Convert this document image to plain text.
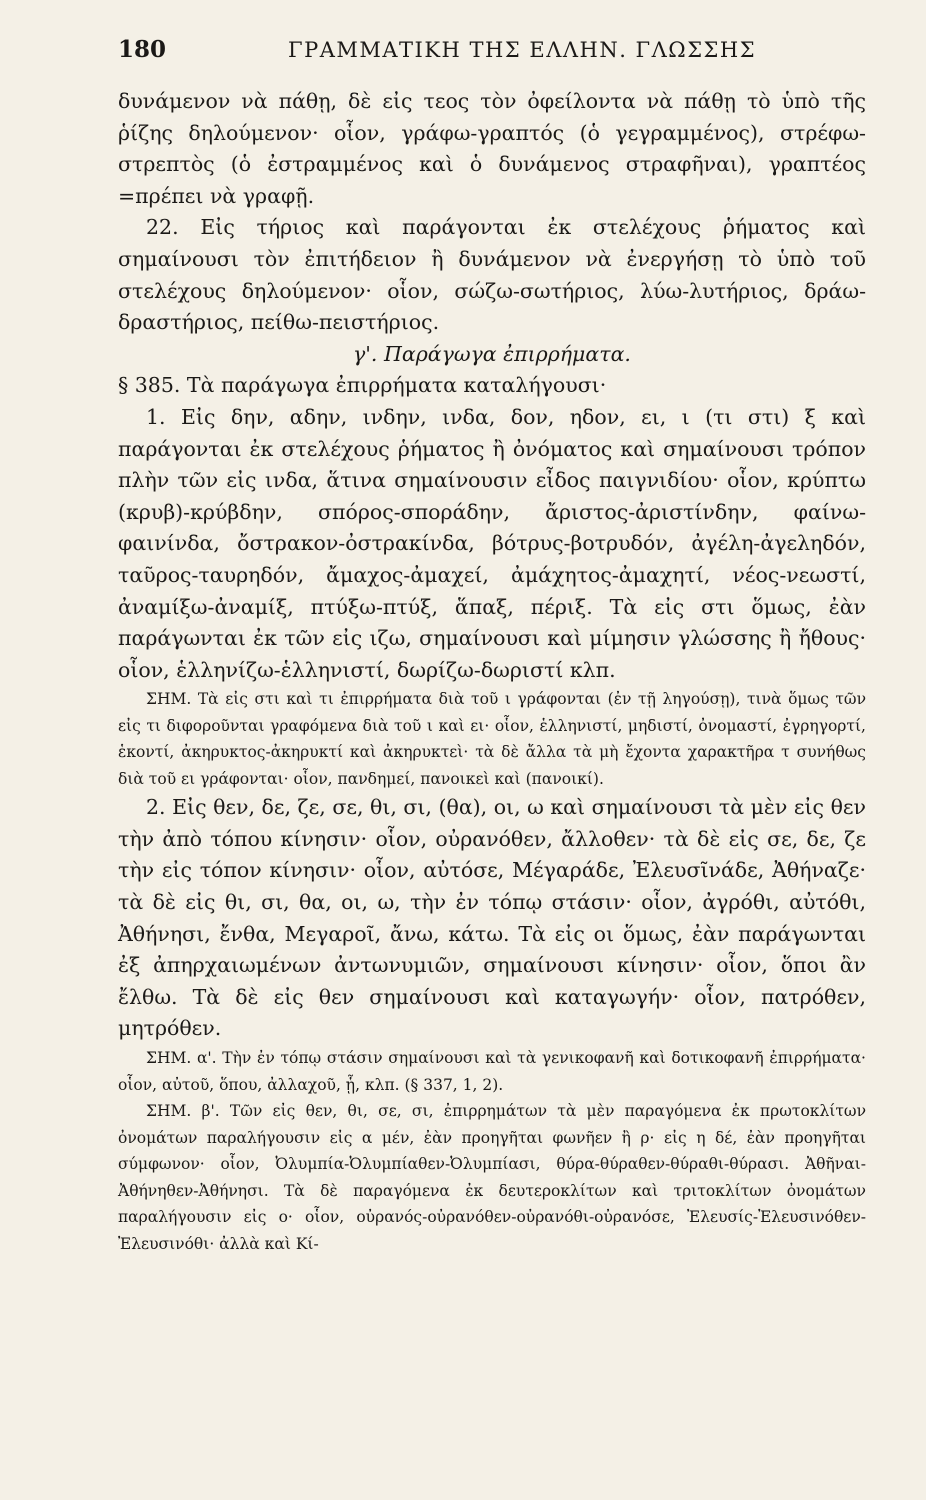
180	ΓΡΑΜΜΑΤΙΚΗ ΤΗΣ ΕΛΛΗΝ. ΓΛΩΣΣΗΣ

δυνάμενον νὰ πάθῃ, δὲ εἰς τεος τὸν ὀφείλοντα νὰ πάθῃ τὸ ὑπὸ τῆς ῥίζης δηλούμενον· οἷον, γράφω-γραπτός (ὁ γεγραμμένος), στρέφω-στρεπτὸς (ὁ ἐστραμμένος καὶ ὁ δυνάμενος στραφῆναι), γραπτέος =πρέπει νὰ γραφῇ.

22. Εἰς τήριος καὶ παράγονται ἐκ στελέχους ῥήματος καὶ σημαίνουσι τὸν ἐπιτήδειον ἢ δυνάμενον νὰ ἐνεργήσῃ τὸ ὑπὸ τοῦ στελέχους δηλούμενον· οἷον, σώζω-σωτήριος, λύω-λυτήριος, δράω-δραστήριος, πείθω-πειστήριος.

γ'. Παράγωγα ἐπιρρήματα.

§ 385. Τὰ παράγωγα ἐπιρρήματα καταλήγουσι·

1. Εἰς δην, αδην, ινδην, ινδα, δον, ηδον, ει, ι (τι στι) ξ καὶ παράγονται ἐκ στελέχους ῥήματος ἢ ὀνόματος καὶ σημαίνουσι τρόπον πλὴν τῶν εἰς ινδα, ἅτινα σημαίνουσιν εἶδος παιγνιδίου· οἷον, κρύπτω (κρυβ)-κρύβδην, σπόρος-σποράδην, ἄριστος-ἀριστίνδην, φαίνω-φαινίνδα, ὄστρακον-ὀστρακίνδα, βότρυς-βοτρυδόν, ἀγέλη-ἀγεληδόν, ταῦρος-ταυρηδόν, ἄμαχος-ἀμαχεί, ἀμάχητος-ἀμαχητί, νέος-νεωστί, ἀναμίξω-ἀναμίξ, πτύξω-πτύξ, ἅπαξ, πέριξ. Τὰ εἰς στι ὅμως, ἐὰν παράγωνται ἐκ τῶν εἰς ιζω, σημαίνουσι καὶ μίμησιν γλώσσης ἢ ἤθους· οἷον, ἑλληνίζω-ἑλληνιστί, δωρίζω-δωριστί κλπ.

ΣΗΜ. Τὰ εἰς στι καὶ τι ἐπιρρήματα διὰ τοῦ ι γράφονται (ἐν τῇ ληγούσῃ), τινὰ ὅμως τῶν εἰς τι διφοροῦνται γραφόμενα διὰ τοῦ ι καὶ ει· οἷον, ἑλληνιστί, μηδιστί, ὀνομαστί, ἐγρηγορτί, ἑκοντί, ἀκηρυκτος-ἀκηρυκτί καὶ ἀκηρυκτεὶ· τὰ δὲ ἄλλα τὰ μὴ ἔχοντα χαρακτῆρα τ συνήθως διὰ τοῦ ει γράφονται· οἷον, πανδημεί, πανοικεὶ καὶ (πανοικί).

2. Εἰς θεν, δε, ζε, σε, θι, σι, (θα), οι, ω καὶ σημαίνουσι τὰ μὲν εἰς θεν τὴν ἀπὸ τόπου κίνησιν· οἷον, οὐρανόθεν, ἄλλοθεν· τὰ δὲ εἰς σε, δε, ζε τὴν εἰς τόπον κίνησιν· οἷον, αὐτόσε, Μέγαράδε, Ἐλευσῖνάδε, Ἀθήναζε· τὰ δὲ εἰς θι, σι, θα, οι, ω, τὴν ἐν τόπῳ στάσιν· οἷον, ἀγρόθι, αὐτόθι, Ἀθήνησι, ἔνθα, Μεγαροῖ, ἄνω, κάτω. Τὰ εἰς οι ὅμως, ἐὰν παράγωνται ἐξ ἀπηρχαιωμένων ἀντωνυμιῶν, σημαίνουσι κίνησιν· οἷον, ὅποι ἂν ἔλθω. Τὰ δὲ εἰς θεν σημαίνουσι καὶ καταγωγήν· οἷον, πατρόθεν, μητρόθεν.

ΣΗΜ. α'. Τὴν ἐν τόπῳ στάσιν σημαίνουσι καὶ τὰ γενικοφανῆ καὶ δοτικοφανῆ ἐπιρρήματα· οἷον, αὐτοῦ, ὅπου, ἀλλαχοῦ, ᾗ, κλπ. (§ 337, 1, 2).

ΣΗΜ. β'. Τῶν εἰς θεν, θι, σε, σι, ἐπιρρημάτων τὰ μὲν παραγόμενα ἐκ πρωτοκλίτων ὀνομάτων παραλήγουσιν εἰς α μέν, ἐὰν προηγῆται φωνῆεν ἢ ρ· εἰς η δέ, ἐὰν προηγῆται σύμφωνον· οἷον, Ὀλυμπία-Ὀλυμπίαθεν-Ὀλυμπίασι, θύρα-θύραθεν-θύραθι-θύρασι. Ἀθῆναι-Ἀθήνηθεν-Ἀθήνησι. Τὰ δὲ παραγόμενα ἐκ δευτεροκλίτων καὶ τριτοκλίτων ὀνομάτων παραλήγουσιν εἰς ο· οἷον, οὐρανός-οὐρανόθεν-οὐρανόθι-οὐρανόσε, Ἐλευσίς-Ἐλευσινόθεν-Ἐλευσινόθι· ἀλλὰ καὶ Κί-
